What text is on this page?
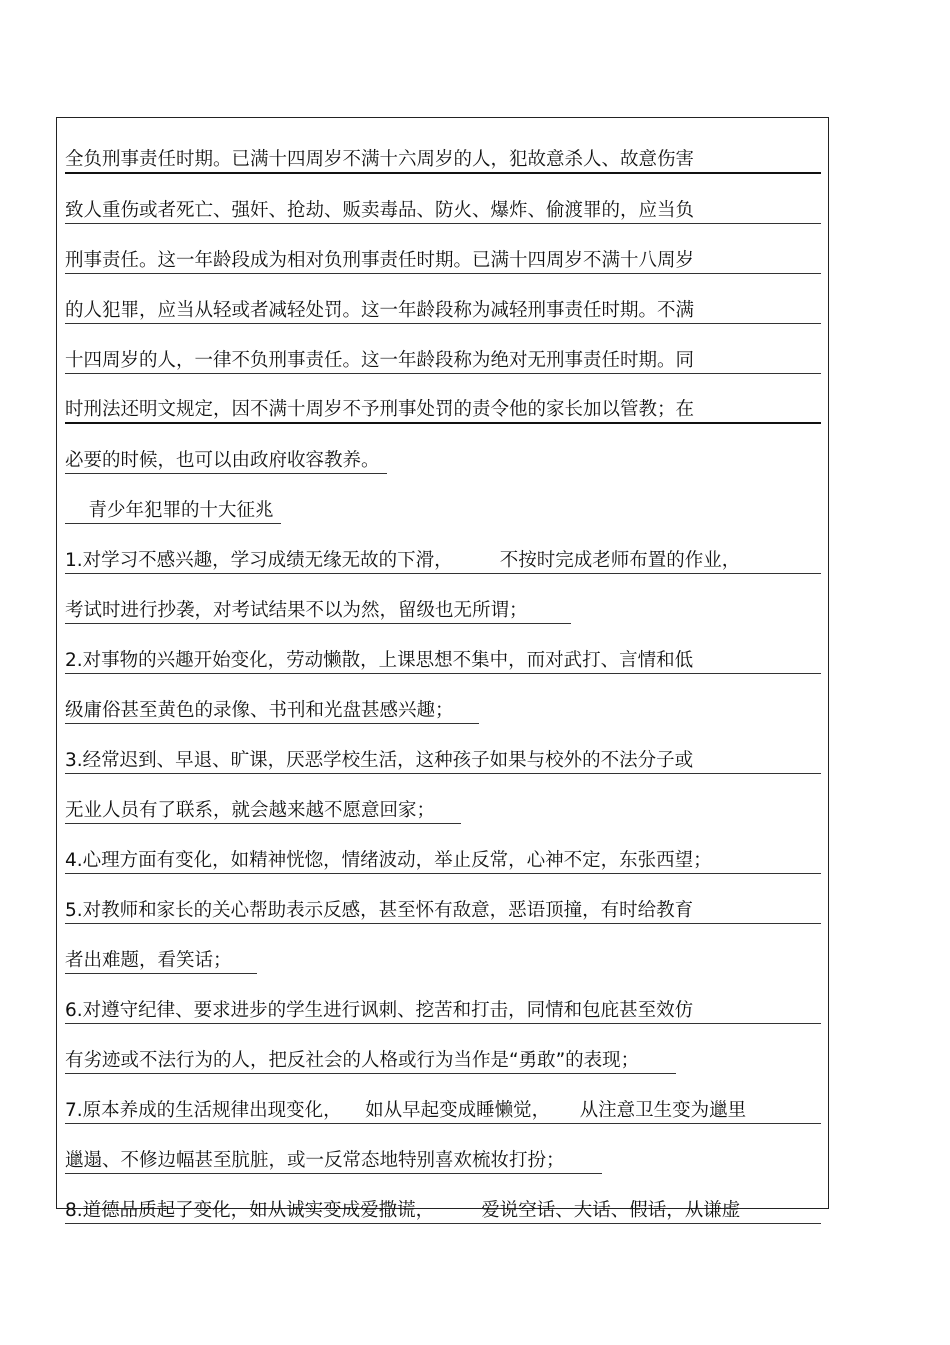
全负刑事责任时期。已满十四周岁不满十六周岁的人，犯故意杀人、故意伤害
致人重伤或者死亡、强奸、抢劫、贩卖毒品、防火、爆炸、偷渡罪的，应当负
刑事责任。这一年龄段成为相对负刑事责任时期。已满十四周岁不满十八周岁
的人犯罪，应当从轻或者减轻处罚。这一年龄段称为减轻刑事责任时期。不满
十四周岁的人，一律不负刑事责任。这一年龄段称为绝对无刑事责任时期。同
时刑法还明文规定，因不满十周岁不予刑事处罚的责令他的家长加以管教；在
必要的时候，也可以由政府收容教养。
青少年犯罪的十大征兆
1.对学习不感兴趣，学习成绩无缘无故的下滑，        不按时完成老师布置的作业，
考试时进行抄袭，对考试结果不以为然，留级也无所谓；
2.对事物的兴趣开始变化，劳动懒散，上课思想不集中，而对武打、言情和低
级庸俗甚至黄色的录像、书刊和光盘甚感兴趣；
3.经常迟到、早退、旷课，厌恶学校生活，这种孩子如果与校外的不法分子或
无业人员有了联系，就会越来越不愿意回家；
4.心理方面有变化，如精神恍惚，情绪波动，举止反常，心神不定，东张西望；
5.对教师和家长的关心帮助表示反感，甚至怀有敌意，恶语顶撞，有时给教育
者出难题，看笑话；
6.对遵守纪律、要求进步的学生进行讽刺、挖苦和打击，同情和包庇甚至效仿
有劣迹或不法行为的人，把反社会的人格或行为当作是“勇敢”的表现；
7.原本养成的生活规律出现变化，    如从早起变成睡懒觉，     从注意卫生变为邋里
邋遢、不修边幅甚至肮脏，或一反常态地特别喜欢梳妆打扮；
8.道德品质起了变化，如从诚实变成爱撒谎，        爱说空话、大话、假话，从谦虚
